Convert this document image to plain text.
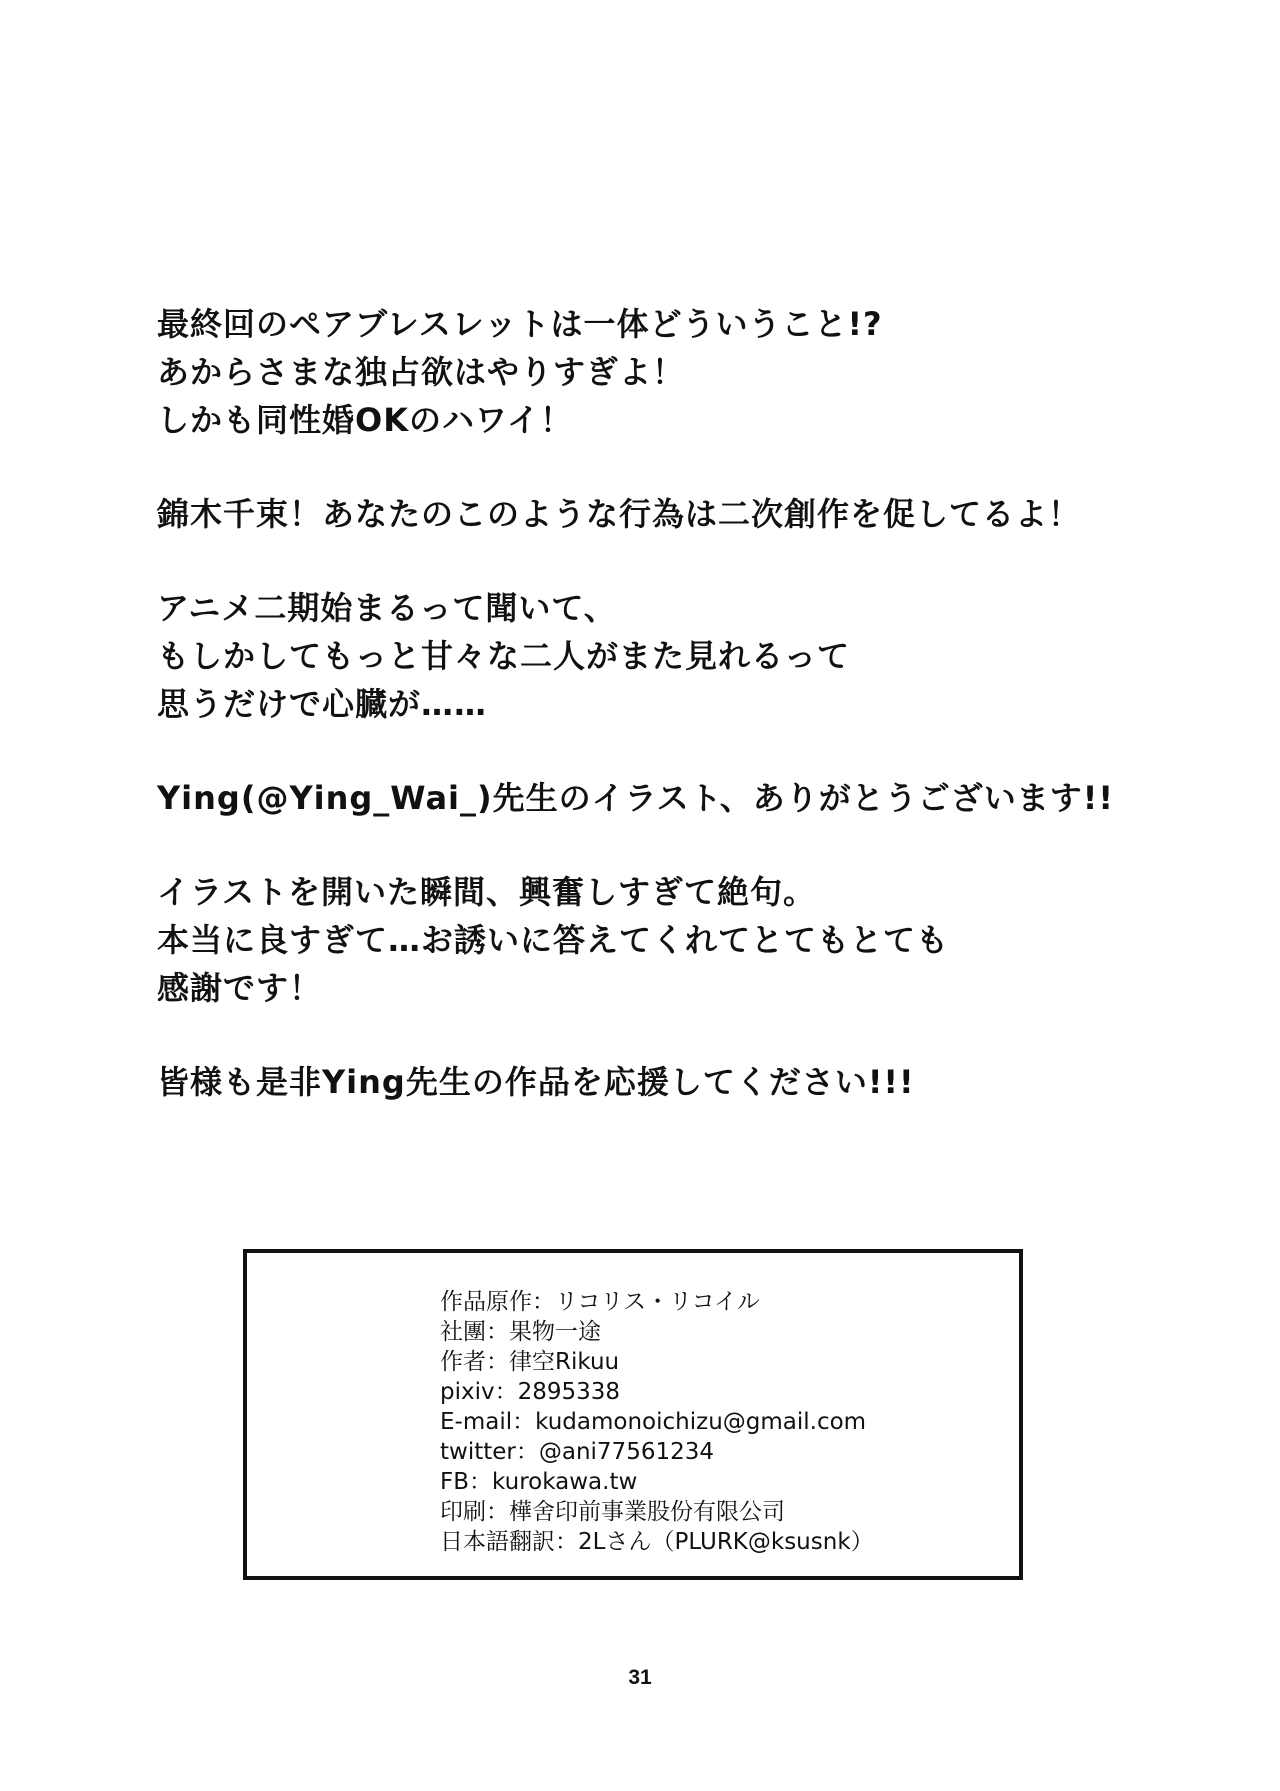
最終回のペアブレスレットは一体どういうこと!?
あからさまな独占欲はやりすぎよ！
しかも同性婚OKのハワイ！

錦木千束！あなたのこのような行為は二次創作を促してるよ！

アニメ二期始まるって聞いて、
もしかしてもっと甘々な二人がまた見れるって
思うだけで心臓が……

Ying(@Ying_Wai_)先生のイラスト、ありがとうございます!!

イラストを開いた瞬間、興奮しすぎて絶句。
本当に良すぎて…お誘いに答えてくれてとてもとても
感謝です！

皆様も是非Ying先生の作品を応援してください!!!

作品原作：リコリス・リコイル
社團：果物一途
作者：律空Rikuu
pixiv：2895338
E-mail：kudamonoichizu@gmail.com
twitter：@ani77561234
FB：kurokawa.tw
印刷：樺舍印前事業股份有限公司
日本語翻訳：2Lさん（PLURK@ksusnk）
31
